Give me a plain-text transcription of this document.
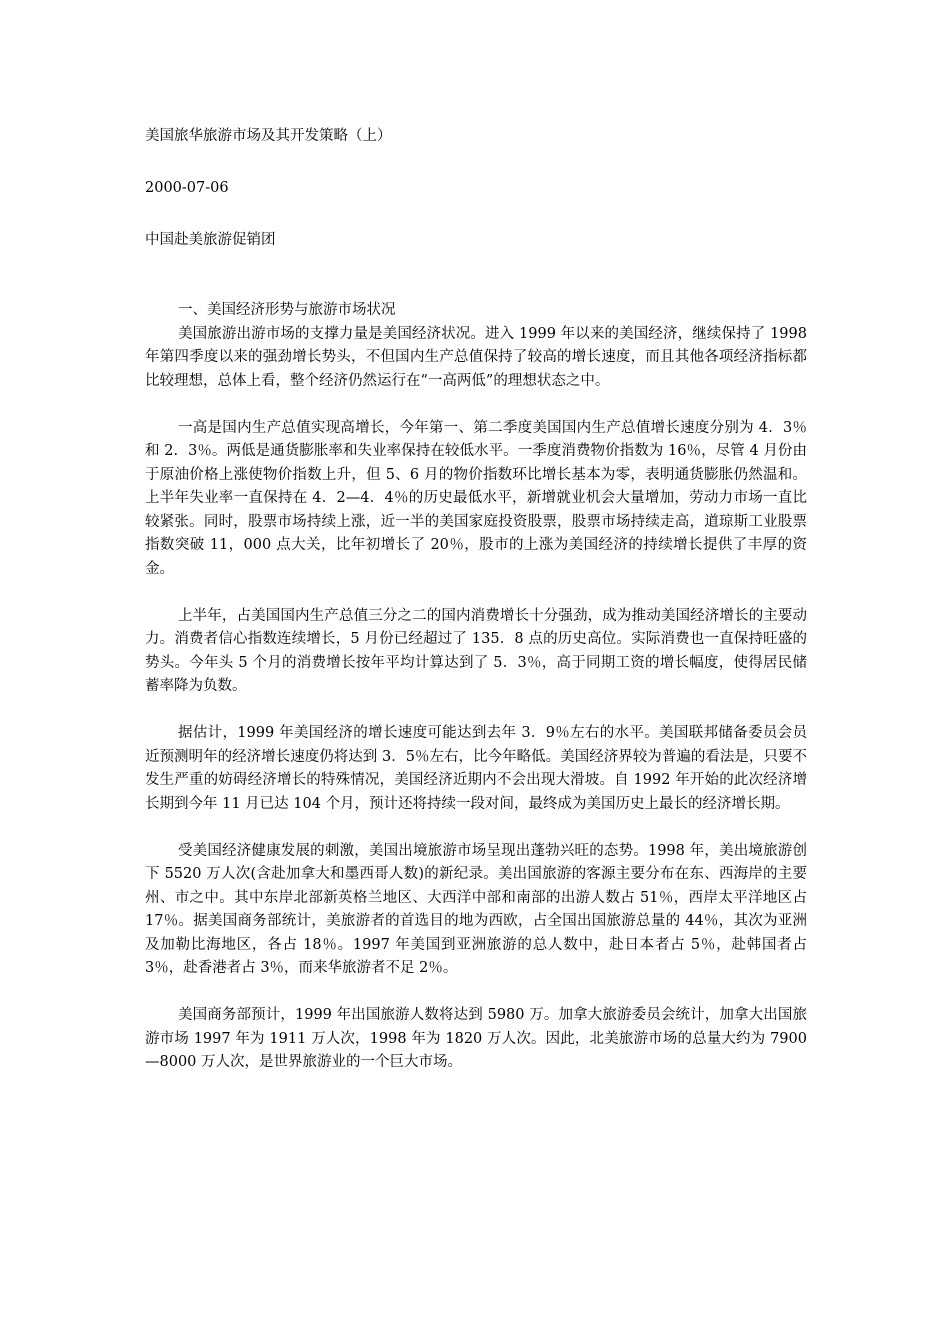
美国旅华旅游市场及其开发策略（上）
2000-07-06
中国赴美旅游促销团

一、美国经济形势与旅游市场状况

美国旅游出游市场的支撑力量是美国经济状况。进入 1999 年以来的美国经济，继续保持了 1998 年第四季度以来的强劲增长势头，不但国内生产总值保持了较高的增长速度，而且其他各项经济指标都比较理想，总体上看，整个经济仍然运行在“一高两低”的理想状态之中。

一高是国内生产总值实现高增长，今年第一、第二季度美国国内生产总值增长速度分别为 4．3％和 2．3％。两低是通货膨胀率和失业率保持在较低水平。一季度消费物价指数为 16％，尽管 4 月份由于原油价格上涨使物价指数上升，但 5、6 月的物价指数环比增长基本为零，表明通货膨胀仍然温和。上半年失业率一直保持在 4．2—4．4％的历史最低水平，新增就业机会大量增加，劳动力市场一直比较紧张。同时，股票市场持续上涨，近一半的美国家庭投资股票，股票市场持续走高，道琼斯工业股票指数突破 11，000 点大关，比年初增长了 20％，股市的上涨为美国经济的持续增长提供了丰厚的资金。

上半年，占美国国内生产总值三分之二的国内消费增长十分强劲，成为推动美国经济增长的主要动力。消费者信心指数连续增长，5 月份已经超过了 135．8 点的历史高位。实际消费也一直保持旺盛的势头。今年头 5 个月的消费增长按年平均计算达到了 5．3％，高于同期工资的增长幅度，使得居民储蓄率降为负数。

据估计，1999 年美国经济的增长速度可能达到去年 3．9％左右的水平。美国联邦储备委员会员近预测明年的经济增长速度仍将达到 3．5％左右，比今年略低。美国经济界较为普遍的看法是，只要不发生严重的妨碍经济增长的特殊情况，美国经济近期内不会出现大滑坡。自 1992 年开始的此次经济增长期到今年 11 月已达 104 个月，预计还将持续一段对间，最终成为美国历史上最长的经济增长期。

受美国经济健康发展的刺激，美国出境旅游市场呈现出蓬勃兴旺的态势。1998 年，美出境旅游创下 5520 万人次(含赴加拿大和墨西哥人数)的新纪录。美出国旅游的客源主要分布在东、西海岸的主要州、市之中。其中东岸北部新英格兰地区、大西洋中部和南部的出游人数占 51％，西岸太平洋地区占 17％。据美国商务部统计，美旅游者的首选目的地为西欧，占全国出国旅游总量的 44％，其次为亚洲及加勒比海地区，各占 18％。1997 年美国到亚洲旅游的总人数中，赴日本者占 5％，赴韩国者占 3％，赴香港者占 3％，而来华旅游者不足 2％。

美国商务部预计，1999 年出国旅游人数将达到 5980 万。加拿大旅游委员会统计，加拿大出国旅游市场 1997 年为 1911 万人次，1998 年为 1820 万人次。因此，北美旅游市场的总量大约为 7900—8000 万人次，是世界旅游业的一个巨大市场。
